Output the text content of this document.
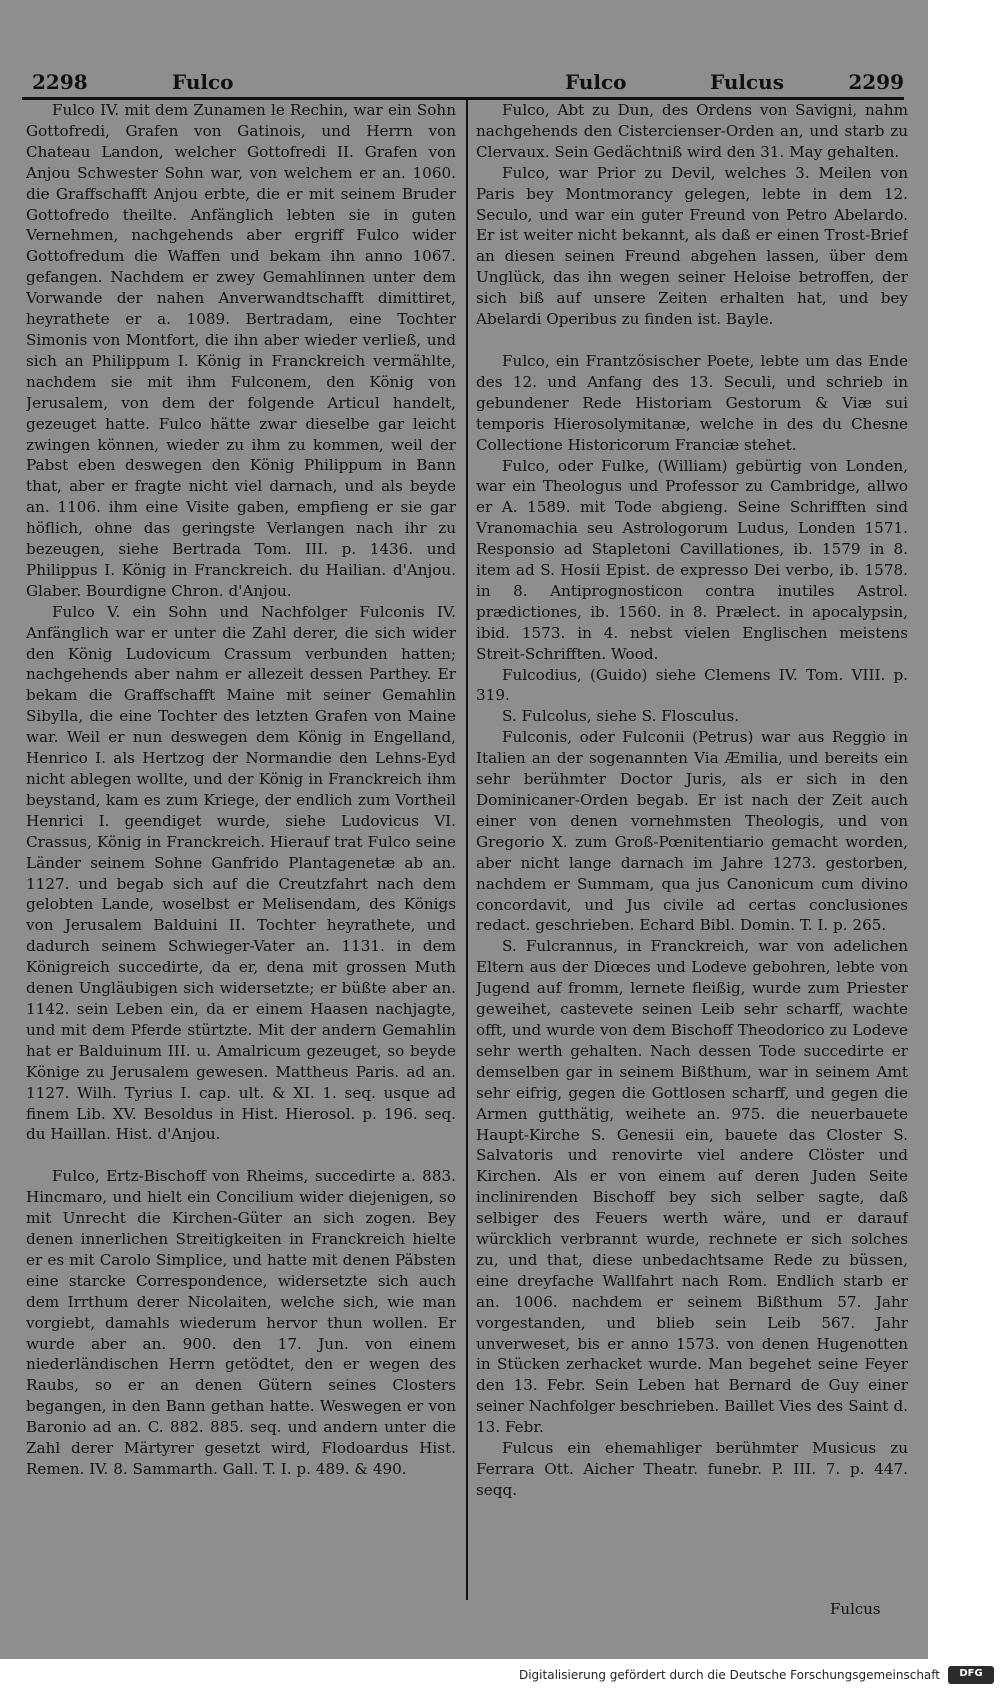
2298	Fulco	Fulco	Fulcus	2299

Fulco IV. mit dem Zunamen le Rechin, war ein Sohn Gottofredi, Grafen von Gatinois, und Herrn von Chateau Landon, welcher Gottofredi II. Grafen von Anjou Schwester Sohn war, von welchem er an. 1060. die Graffschafft Anjou erbte, die er mit seinem Bruder Gottofredo theilte. Anfänglich lebten sie in guten Vernehmen, nachgehends aber ergriff Fulco wider Gottofredum die Waffen und bekam ihn anno 1067. gefangen. Nachdem er zwey Gemahlinnen unter dem Vorwande der nahen Anverwandtschafft dimittiret, heyrathete er a. 1089. Bertradam, eine Tochter Simonis von Montfort, die ihn aber wieder verließ, und sich an Philippum I. König in Franckreich vermählte, nachdem sie mit ihm Fulconem, den König von Jerusalem, von dem der folgende Articul handelt, gezeuget hatte. Fulco hätte zwar dieselbe gar leicht zwingen können, wieder zu ihm zu kommen, weil der Pabst eben deswegen den König Philippum in Bann that, aber er fragte nicht viel darnach, und als beyde an. 1106. ihm eine Visite gaben, empfieng er sie gar höflich, ohne das geringste Verlangen nach ihr zu bezeugen, siehe Bertrada Tom. III. p. 1436. und Philippus I. König in Franckreich. du Hailian. d'Anjou. Glaber. Bourdigne Chron. d'Anjou.

Fulco V. ein Sohn und Nachfolger Fulconis IV. Anfänglich war er unter die Zahl derer, die sich wider den König Ludovicum Crassum verbunden hatten; nachgehends aber nahm er allezeit dessen Parthey. Er bekam die Graffschafft Maine mit seiner Gemahlin Sibylla, die eine Tochter des letzten Grafen von Maine war. Weil er nun deswegen dem König in Engelland, Henrico I. als Hertzog der Normandie den Lehns-Eyd nicht ablegen wollte, und der König in Franckreich ihm beystand, kam es zum Kriege, der endlich zum Vortheil Henrici I. geendiget wurde, siehe Ludovicus VI. Crassus, König in Franckreich. Hierauf trat Fulco seine Länder seinem Sohne Ganfrido Plantagenetæ ab an. 1127. und begab sich auf die Creutzfahrt nach dem gelobten Lande, woselbst er Melisendam, des Königs von Jerusalem Balduini II. Tochter heyrathete, und dadurch seinem Schwieger-Vater an. 1131. in dem Königreich succedirte, da er, dena mit grossen Muth denen Ungläubigen sich widersetzte; er büßte aber an. 1142. sein Leben ein, da er einem Haasen nachjagte, und mit dem Pferde stürtzte. Mit der andern Gemahlin hat er Balduinum III. u. Amalricum gezeuget, so beyde Könige zu Jerusalem gewesen. Mattheus Paris. ad an. 1127. Wilh. Tyrius I. cap. ult. & XI. 1. seq. usque ad finem Lib. XV. Besoldus in Hist. Hierosol. p. 196. seq. du Haillan. Hist. d'Anjou.

Fulco, Ertz-Bischoff von Rheims, succedirte a. 883. Hincmaro, und hielt ein Concilium wider diejenigen, so mit Unrecht die Kirchen-Güter an sich zogen. Bey denen innerlichen Streitigkeiten in Franckreich hielte er es mit Carolo Simplice, und hatte mit denen Päbsten eine starcke Correspondence, widersetzte sich auch dem Irrthum derer Nicolaiten, welche sich, wie man vorgiebt, damahls wiederum hervor thun wollen. Er wurde aber an. 900. den 17. Jun. von einem niederländischen Herrn getödtet, den er wegen des Raubs, so er an denen Gütern seines Closters begangen, in den Bann gethan hatte. Weswegen er von Baronio ad an. C. 882. 885. seq. und andern unter die Zahl derer Märtyrer gesetzt wird, Flodoardus Hist. Remen. IV. 8. Sammarth. Gall. T. I. p. 489. & 490.

Fulco, Abt zu Dun, des Ordens von Savigni, nahm nachgehends den Cistercienser-Orden an, und starb zu Clervaux. Sein Gedächtniß wird den 31. May gehalten.

Fulco, war Prior zu Devil, welches 3. Meilen von Paris bey Montmorancy gelegen, lebte in dem 12. Seculo, und war ein guter Freund von Petro Abelardo. Er ist weiter nicht bekannt, als daß er einen Trost-Brief an diesen seinen Freund abgehen lassen, über dem Unglück, das ihn wegen seiner Heloise betroffen, der sich biß auf unsere Zeiten erhalten hat, und bey Abelardi Operibus zu finden ist. Bayle.

Fulco, ein Frantzösischer Poete, lebte um das Ende des 12. und Anfang des 13. Seculi, und schrieb in gebundener Rede Historiam Gestorum & Viæ sui temporis Hierosolymitanæ, welche in des du Chesne Collectione Historicorum Franciæ stehet.

Fulco, oder Fulke, (William) gebürtig von Londen, war ein Theologus und Professor zu Cambridge, allwo er A. 1589. mit Tode abgieng. Seine Schrifften sind Vranomachia seu Astrologorum Ludus, Londen 1571. Responsio ad Stapletoni Cavillationes, ib. 1579 in 8. item ad S. Hosii Epist. de expresso Dei verbo, ib. 1578. in 8. Antiprognosticon contra inutiles Astrol. prædictiones, ib. 1560. in 8. Prælect. in apocalypsin, ibid. 1573. in 4. nebst vielen Englischen meistens Streit-Schrifften. Wood.

Fulcodius, (Guido) siehe Clemens IV. Tom. VIII. p. 319.

S. Fulcolus, siehe S. Flosculus.

Fulconis, oder Fulconii (Petrus) war aus Reggio in Italien an der sogenannten Via Æmilia, und bereits ein sehr berühmter Doctor Juris, als er sich in den Dominicaner-Orden begab. Er ist nach der Zeit auch einer von denen vornehmsten Theologis, und von Gregorio X. zum Groß-Pœnitentiario gemacht worden, aber nicht lange darnach im Jahre 1273. gestorben, nachdem er Summam, qua jus Canonicum cum divino concordavit, und Jus civile ad certas conclusiones redact. geschrieben. Echard Bibl. Domin. T. I. p. 265.

S. Fulcrannus, in Franckreich, war von adelichen Eltern aus der Diœces und Lodeve gebohren, lebte von Jugend auf fromm, lernete fleißig, wurde zum Priester geweihet, castevete seinen Leib sehr scharff, wachte offt, und wurde von dem Bischoff Theodorico zu Lodeve sehr werth gehalten. Nach dessen Tode succedirte er demselben gar in seinem Bißthum, war in seinem Amt sehr eifrig, gegen die Gottlosen scharff, und gegen die Armen gutthätig, weihete an. 975. die neuerbauete Haupt-Kirche S. Genesii ein, bauete das Closter S. Salvatoris und renovirte viel andere Clöster und Kirchen. Als er von einem auf deren Juden Seite inclinirenden Bischoff bey sich selber sagte, daß selbiger des Feuers werth wäre, und er darauf würcklich verbrannt wurde, rechnete er sich solches zu, und that, diese unbedachtsame Rede zu büssen, eine dreyfache Wallfahrt nach Rom. Endlich starb er an. 1006. nachdem er seinem Bißthum 57. Jahr vorgestanden, und blieb sein Leib 567. Jahr unverweset, bis er anno 1573. von denen Hugenotten in Stücken zerhacket wurde. Man begehet seine Feyer den 13. Febr. Sein Leben hat Bernard de Guy einer seiner Nachfolger beschrieben. Baillet Vies des Saint d. 13. Febr.

Fulcus ein ehemahliger berühmter Musicus zu Ferrara Ott. Aicher Theatr. funebr. P. III. 7. p. 447. seqq.

Fulcus
Digitalisierung gefördert durch die Deutsche Forschungsgemeinschaft	DFG
